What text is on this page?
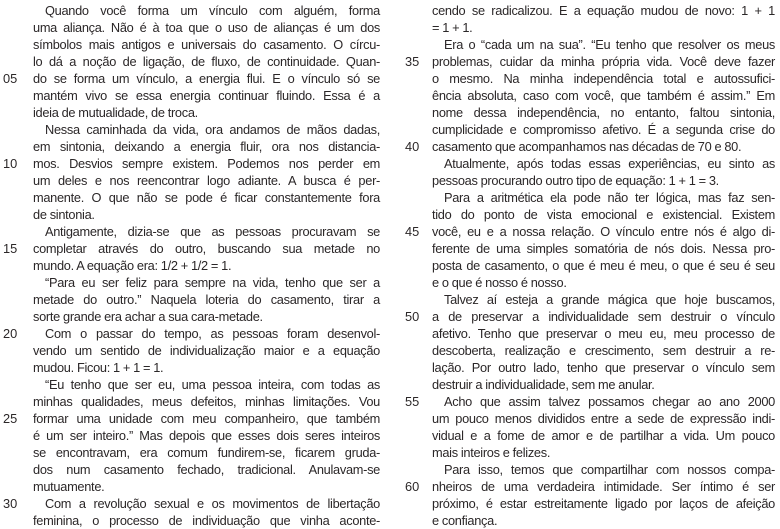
Quando você forma um vínculo com alguém, forma
uma aliança. Não é à toa que o uso de alianças é um dos
símbolos mais antigos e universais do casamento. O círcu-
lo dá a noção de ligação, de fluxo, de continuidade. Quan-
05 do se forma um vínculo, a energia flui. E o vínculo só se
mantém vivo se essa energia continuar fluindo. Essa é a
ideia de mutualidade, de troca.
Nessa caminhada da vida, ora andamos de mãos dadas,
em sintonia, deixando a energia fluir, ora nos distancia-
10 mos. Desvios sempre existem. Podemos nos perder em
um deles e nos reencontrar logo adiante. A busca é per-
manente. O que não se pode é ficar constantemente fora
de sintonia.
Antigamente, dizia-se que as pessoas procuravam se
15 completar através do outro, buscando sua metade no
mundo. A equação era: 1/2 + 1/2 = 1.
“Para eu ser feliz para sempre na vida, tenho que ser a
metade do outro.” Naquela loteria do casamento, tirar a
sorte grande era achar a sua cara-metade.
20	Com o passar do tempo, as pessoas foram desenvol-
vendo um sentido de individualização maior e a equação
mudou. Ficou: 1 + 1 = 1.
“Eu tenho que ser eu, uma pessoa inteira, com todas as
minhas qualidades, meus defeitos, minhas limitações. Vou
25 formar uma unidade com meu companheiro, que também
é um ser inteiro.” Mas depois que esses dois seres inteiros
se encontravam, era comum fundirem-se, ficarem gruda-
dos num casamento fechado, tradicional. Anulavam-se
mutuamente.
30	Com a revolução sexual e os movimentos de libertação
feminina, o processo de individuação que vinha aconte-
cendo se radicalizou. E a equação mudou de novo: 1 + 1
= 1 + 1.
Era o “cada um na sua”. “Eu tenho que resolver os meus
35 problemas, cuidar da minha própria vida. Você deve fazer
o mesmo. Na minha independência total e autossufici-
ência absoluta, caso com você, que também é assim.” Em
nome dessa independência, no entanto, faltou sintonia,
cumplicidade e compromisso afetivo. É a segunda crise do
40 casamento que acompanhamos nas décadas de 70 e 80.
Atualmente, após todas essas experiências, eu sinto as
pessoas procurando outro tipo de equação: 1 + 1 = 3.
Para a aritmética ela pode não ter lógica, mas faz sen-
tido do ponto de vista emocional e existencial. Existem
45 você, eu e a nossa relação. O vínculo entre nós é algo di-
ferente de uma simples somatória de nós dois. Nessa pro-
posta de casamento, o que é meu é meu, o que é seu é seu
e o que é nosso é nosso.
Talvez aí esteja a grande mágica que hoje buscamos,
50 a de preservar a individualidade sem destruir o vínculo
afetivo. Tenho que preservar o meu eu, meu processo de
descoberta, realização e crescimento, sem destruir a re-
lação. Por outro lado, tenho que preservar o vínculo sem
destruir a individualidade, sem me anular.
55	Acho que assim talvez possamos chegar ao ano 2000
um pouco menos divididos entre a sede de expressão indi-
vidual e a fome de amor e de partilhar a vida. Um pouco
mais inteiros e felizes.
Para isso, temos que compartilhar com nossos compa-
60 nheiros de uma verdadeira intimidade. Ser íntimo é ser
próximo, é estar estreitamente ligado por laços de afeição
e confiança.
